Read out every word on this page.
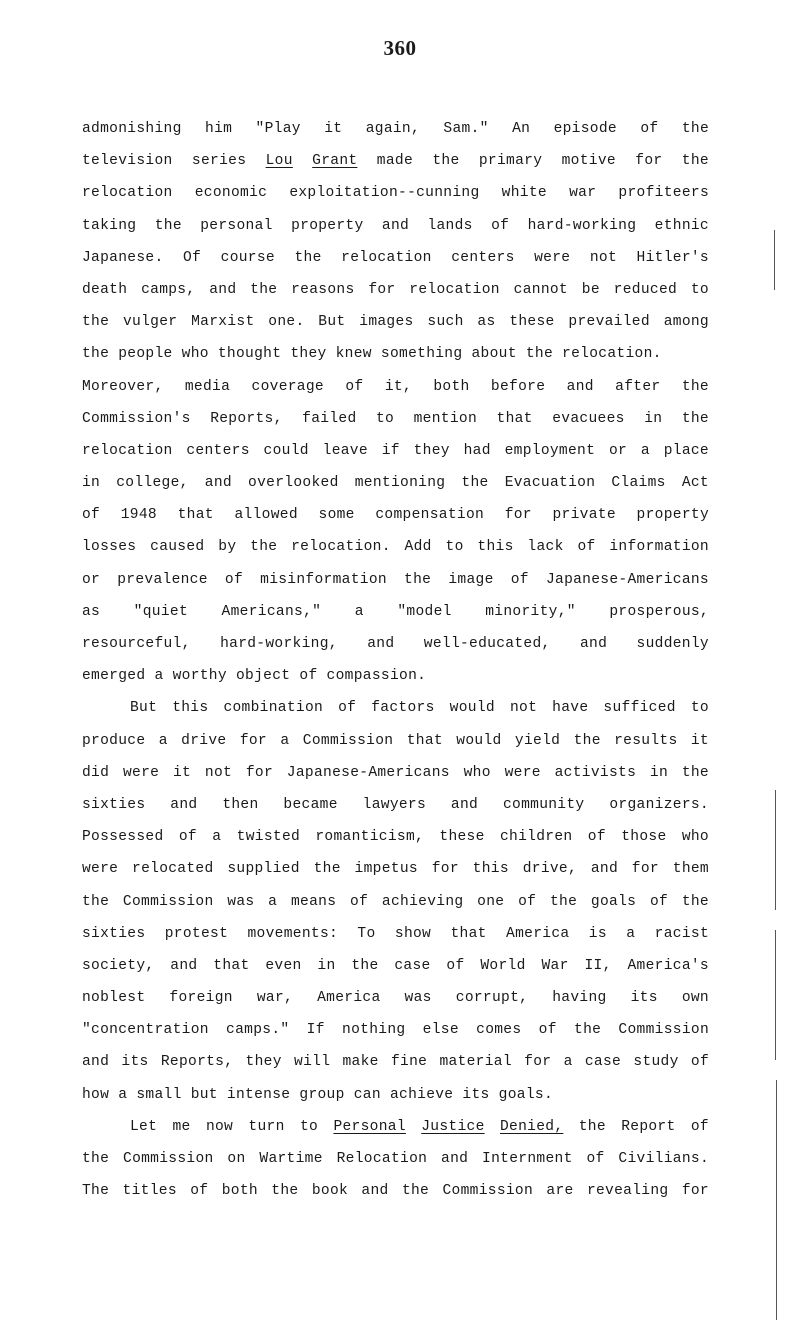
360
admonishing him "Play it again, Sam." An episode of the
television series Lou Grant made the primary motive for the
relocation economic exploitation--cunning white war profiteers
taking the personal property and lands of hard-working ethnic
Japanese. Of course the relocation centers were not Hitler's
death camps, and the reasons for relocation cannot be reduced to
the vulger Marxist one. But images such as these prevailed among
the people who thought they knew something about the relocation.
Moreover, media coverage of it, both before and after the
Commission's Reports, failed to mention that evacuees in the
relocation centers could leave if they had employment or a place
in college, and overlooked mentioning the Evacuation Claims Act
of 1948 that allowed some compensation for private property
losses caused by the relocation. Add to this lack of information
or prevalence of misinformation the image of Japanese-Americans
as "quiet Americans," a "model minority," prosperous,
resourceful, hard-working, and well-educated, and suddenly
emerged a worthy object of compassion.
But this combination of factors would not have sufficed to
produce a drive for a Commission that would yield the results it
did were it not for Japanese-Americans who were activists in the
sixties and then became lawyers and community organizers.
Possessed of a twisted romanticism, these children of those who
were relocated supplied the impetus for this drive, and for them
the Commission was a means of achieving one of the goals of the
sixties protest movements: To show that America is a racist
society, and that even in the case of World War II, America's
noblest foreign war, America was corrupt, having its own
"concentration camps." If nothing else comes of the Commission
and its Reports, they will make fine material for a case study of
how a small but intense group can achieve its goals.
Let me now turn to Personal Justice Denied, the Report of
the Commission on Wartime Relocation and Internment of Civilians.
The titles of both the book and the Commission are revealing for
